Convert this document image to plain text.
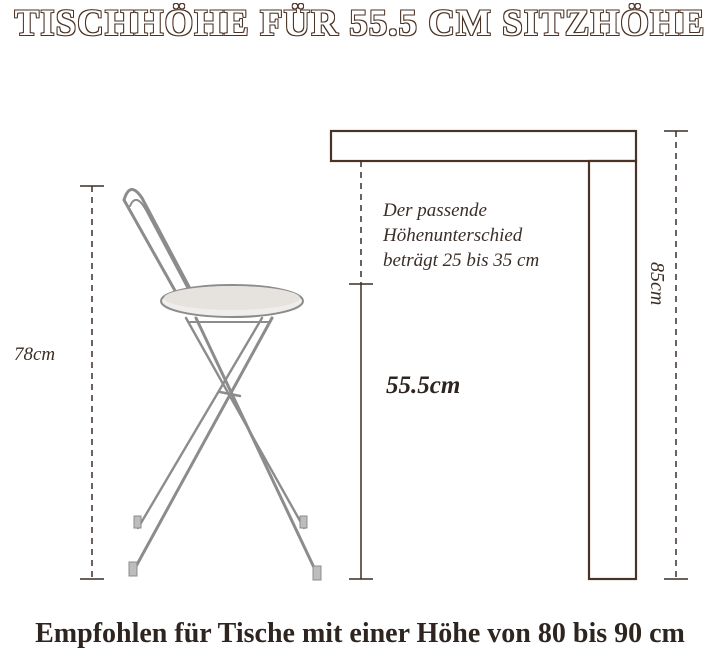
TISCHHÖHE FÜR 55.5 CM SITZHÖHE
78cm
Der passende
Höhenunterschied
beträgt 25 bis 35 cm
55.5cm
85cm
Empfohlen für Tische mit einer Höhe von 80 bis 90 cm
